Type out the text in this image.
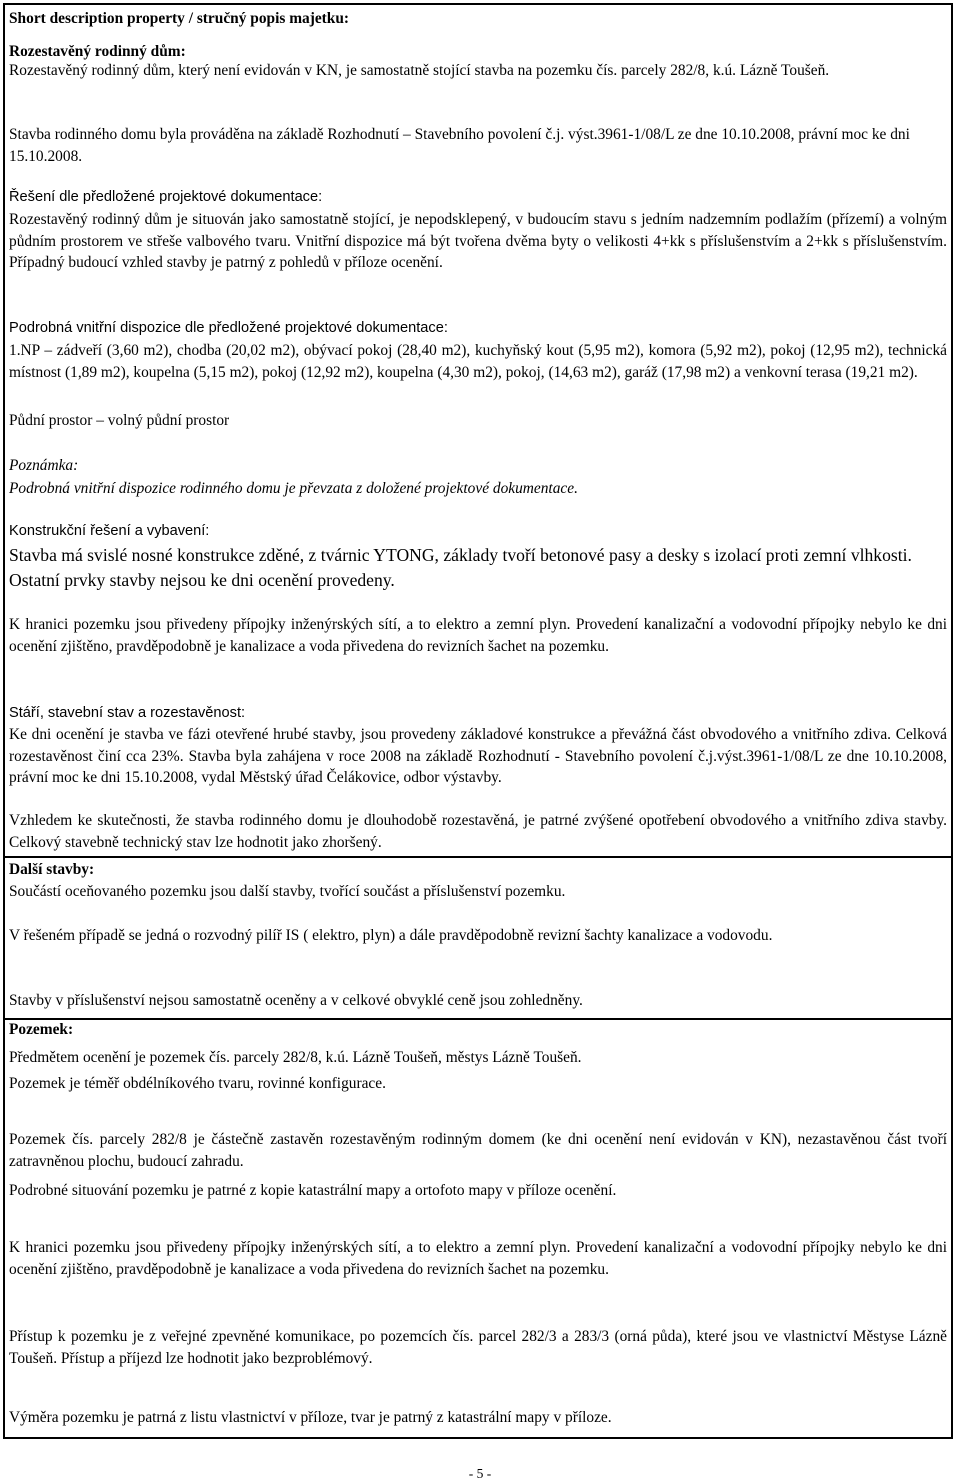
Short description property / stručný popis majetku:

Rozestavěný rodinný dům:

Rozestavěný rodinný dům, který není evidován v KN, je samostatně stojící stavba na pozemku čís. parcely 282/8, k.ú. Lázně Toušeň.

Stavba rodinného domu byla prováděna na základě Rozhodnutí – Stavebního povolení č.j. výst.3961-1/08/L ze dne 10.10.2008, právní moc ke dni 15.10.2008.

Řešení dle předložené projektové dokumentace:

Rozestavěný rodinný dům je situován jako samostatně stojící, je nepodsklepený, v budoucím stavu s jedním nadzemním podlažím (přízemí) a volným půdním prostorem ve střeše valbového tvaru. Vnitřní dispozice má být tvořena dvěma byty o velikosti 4+kk s příslušenstvím a 2+kk s příslušenstvím. Případný budoucí vzhled stavby je patrný z pohledů v příloze ocenění.

Podrobná vnitřní dispozice dle předložené projektové dokumentace:

1.NP – zádveří (3,60 m2), chodba (20,02 m2), obývací pokoj (28,40 m2), kuchyňský kout (5,95 m2), komora (5,92 m2), pokoj (12,95 m2), technická místnost (1,89 m2), koupelna (5,15 m2), pokoj (12,92 m2), koupelna (4,30 m2), pokoj, (14,63 m2), garáž (17,98 m2) a venkovní terasa (19,21 m2).

Půdní prostor – volný půdní prostor

Poznámka:

Podrobná vnitřní dispozice rodinného domu je převzata z doložené projektové dokumentace.

Konstrukční řešení a vybavení:

Stavba má svislé nosné konstrukce zděné, z tvárnic YTONG, základy tvoří betonové pasy a desky s izolací proti zemní vlhkosti. Ostatní prvky stavby nejsou ke dni ocenění provedeny.

K hranici pozemku jsou přivedeny přípojky inženýrských sítí, a to elektro a zemní plyn. Provedení kanalizační a vodovodní přípojky nebylo ke dni ocenění zjištěno, pravděpodobně je kanalizace a voda přivedena do revizních šachet na pozemku.

Stáří, stavební stav a rozestavěnost:

Ke dni ocenění je stavba ve fázi otevřené hrubé stavby, jsou provedeny základové konstrukce a převážná část obvodového a vnitřního zdiva. Celková rozestavěnost činí cca 23%. Stavba byla zahájena v roce 2008 na základě Rozhodnutí - Stavebního povolení č.j.výst.3961-1/08/L ze dne 10.10.2008, právní moc ke dni 15.10.2008, vydal Městský úřad Čelákovice, odbor výstavby.

Vzhledem ke skutečnosti, že stavba rodinného domu je dlouhodobě rozestavěná, je patrné zvýšené opotřebení obvodového a vnitřního zdiva stavby. Celkový stavebně technický stav lze hodnotit jako zhoršený.

Další stavby:

Součástí oceňovaného pozemku jsou další stavby, tvořící součást a příslušenství pozemku.

V řešeném případě se jedná o rozvodný pilíř IS ( elektro, plyn) a dále pravděpodobně revizní šachty kanalizace a vodovodu.

Stavby v příslušenství nejsou samostatně oceněny a v celkové obvyklé ceně jsou zohledněny.

Pozemek:

Předmětem ocenění je pozemek čís. parcely 282/8, k.ú. Lázně Toušeň, městys Lázně Toušeň.

Pozemek je téměř obdélníkového tvaru, rovinné konfigurace.

Pozemek čís. parcely 282/8 je částečně zastavěn rozestavěným rodinným domem (ke dni ocenění není evidován v KN), nezastavěnou část tvoří zatravněnou plochu, budoucí zahradu.

Podrobné situování pozemku je patrné z kopie katastrální mapy a ortofoto mapy v příloze ocenění.

K hranici pozemku jsou přivedeny přípojky inženýrských sítí, a to elektro a zemní plyn. Provedení kanalizační a vodovodní přípojky nebylo ke dni ocenění zjištěno, pravděpodobně je kanalizace a voda přivedena do revizních šachet na pozemku.

Přístup k pozemku je z veřejné zpevněné komunikace, po pozemcích čís. parcel 282/3 a 283/3 (orná půda), které jsou ve vlastnictví Městyse Lázně Toušeň. Přístup a příjezd lze hodnotit jako bezproblémový.

Výměra pozemku je patrná z listu vlastnictví v příloze, tvar je patrný z katastrální mapy v příloze.

- 5 -
